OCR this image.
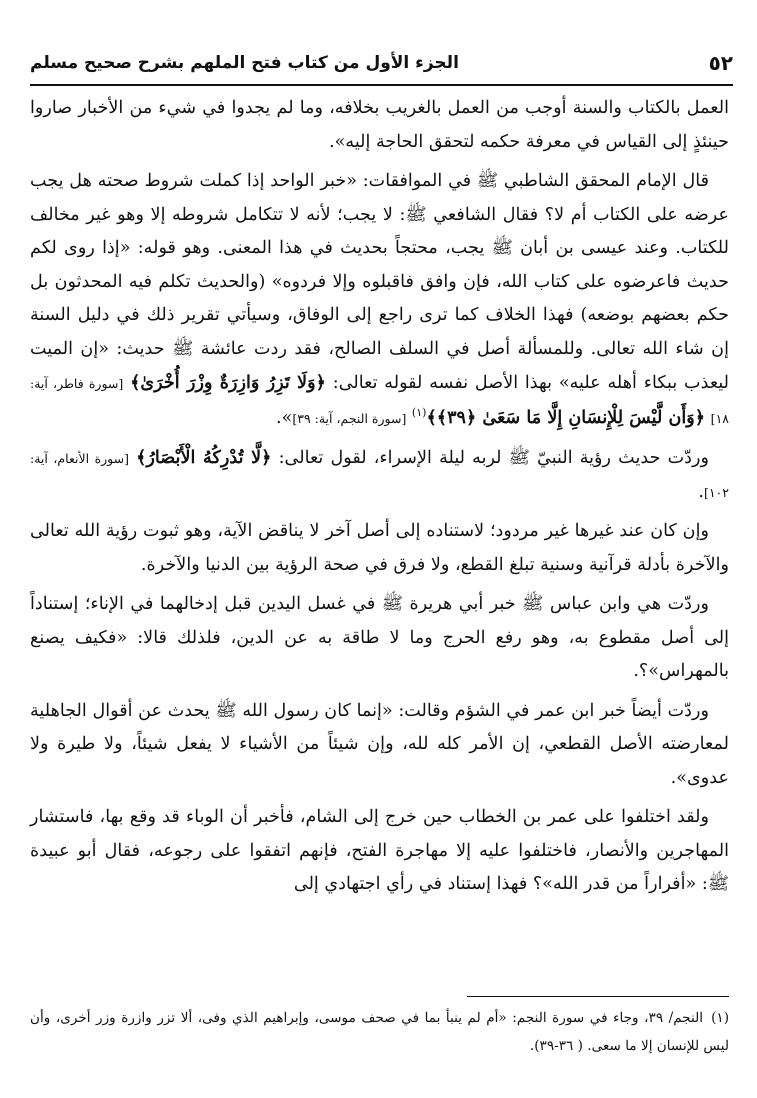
٥٢
الجزء الأول من كتاب فتح الملهم بشرح صحيح مسلم

العمل بالكتاب والسنة أوجب من العمل بالغريب بخلافه، وما لم يجدوا في شيء من الأخبار صاروا حينئذٍ إلى القياس في معرفة حكمه لتحقق الحاجة إليه».

قال الإمام المحقق الشاطبي ﷺ في الموافقات: «خبر الواحد إذا كملت شروط صحته هل يجب عرضه على الكتاب أم لا؟ فقال الشافعي ﷺ: لا يجب؛ لأنه لا تتكامل شروطه إلا وهو غير مخالف للكتاب. وعند عيسى بن أبان ﷺ يجب، محتجاً بحديث في هذا المعنى. وهو قوله: «إذا روى لكم حديث فاعرضوه على كتاب الله، فإن وافق فاقبلوه وإلا فردوه» (والحديث تكلم فيه المحدثون بل حكم بعضهم بوضعه) فهذا الخلاف كما ترى راجع إلى الوفاق، وسيأتي تقرير ذلك في دليل السنة إن شاء الله تعالى. وللمسألة أصل في السلف الصالح، فقد ردت عائشة ﷺ حديث: «إن الميت ليعذب ببكاء أهله عليه» بهذا الأصل نفسه لقوله تعالى: ﴿وَلَا تَزِرُ وَازِرَةٌ وِزْرَ أُخْرَىٰ﴾ [سورة فاطر، آية: ١٨] ﴿وَأَن لَّيْسَ لِلْإِنسَانِ إِلَّا مَا سَعَىٰ ﴿٣٩﴾﴾$^{(١)}$ [سورة النجم، آية: ٣٩]».

وردّت حديث رؤية النبيّ ﷺ لربه ليلة الإسراء، لقول تعالى: ﴿لَّا تُدْرِكُهُ الْأَبْصَارُ﴾ [سورة الأنعام، آية: ١٠٢].

وإن كان عند غيرها غير مردود؛ لاستناده إلى أصل آخر لا يناقض الآية، وهو ثبوت رؤية الله تعالى والآخرة بأدلة قرآنية وسنية تبلغ القطع، ولا فرق في صحة الرؤية بين الدنيا والآخرة.

وردّت هي وابن عباس ﷺ خبر أبي هريرة ﷺ في غسل اليدين قبل إدخالهما في الإناء؛ إستناداً إلى أصل مقطوع به، وهو رفع الحرج وما لا طاقة به عن الدين، فلذلك قالا: «فكيف يصنع بالمهراس»؟.

وردّت أيضاً خبر ابن عمر في الشؤم وقالت: «إنما كان رسول الله ﷺ يحدث عن أقوال الجاهلية لمعارضته الأصل القطعي، إن الأمر كله لله، وإن شيئاً من الأشياء لا يفعل شيئاً، ولا طيرة ولا عدوى».

ولقد اختلفوا على عمر بن الخطاب حين خرج إلى الشام، فأخبر أن الوباء قد وقع بها، فاستشار المهاجرين والأنصار، فاختلفوا عليه إلا مهاجرة الفتح، فإنهم اتفقوا على رجوعه، فقال أبو عبيدة ﷺ: «أفراراً من قدر الله»؟ فهذا إستناد في رأي اجتهادي إلى

(١)النجم/ ٣٩، وجاء في سورة النجم: «أم لم ينبأ بما في صحف موسى، وإبراهيم الذي وفى، ألا تزر وازرة وزر أخرى، وأن ليس للإنسان إلا ما سعى. ( ٣٦-٣٩).
